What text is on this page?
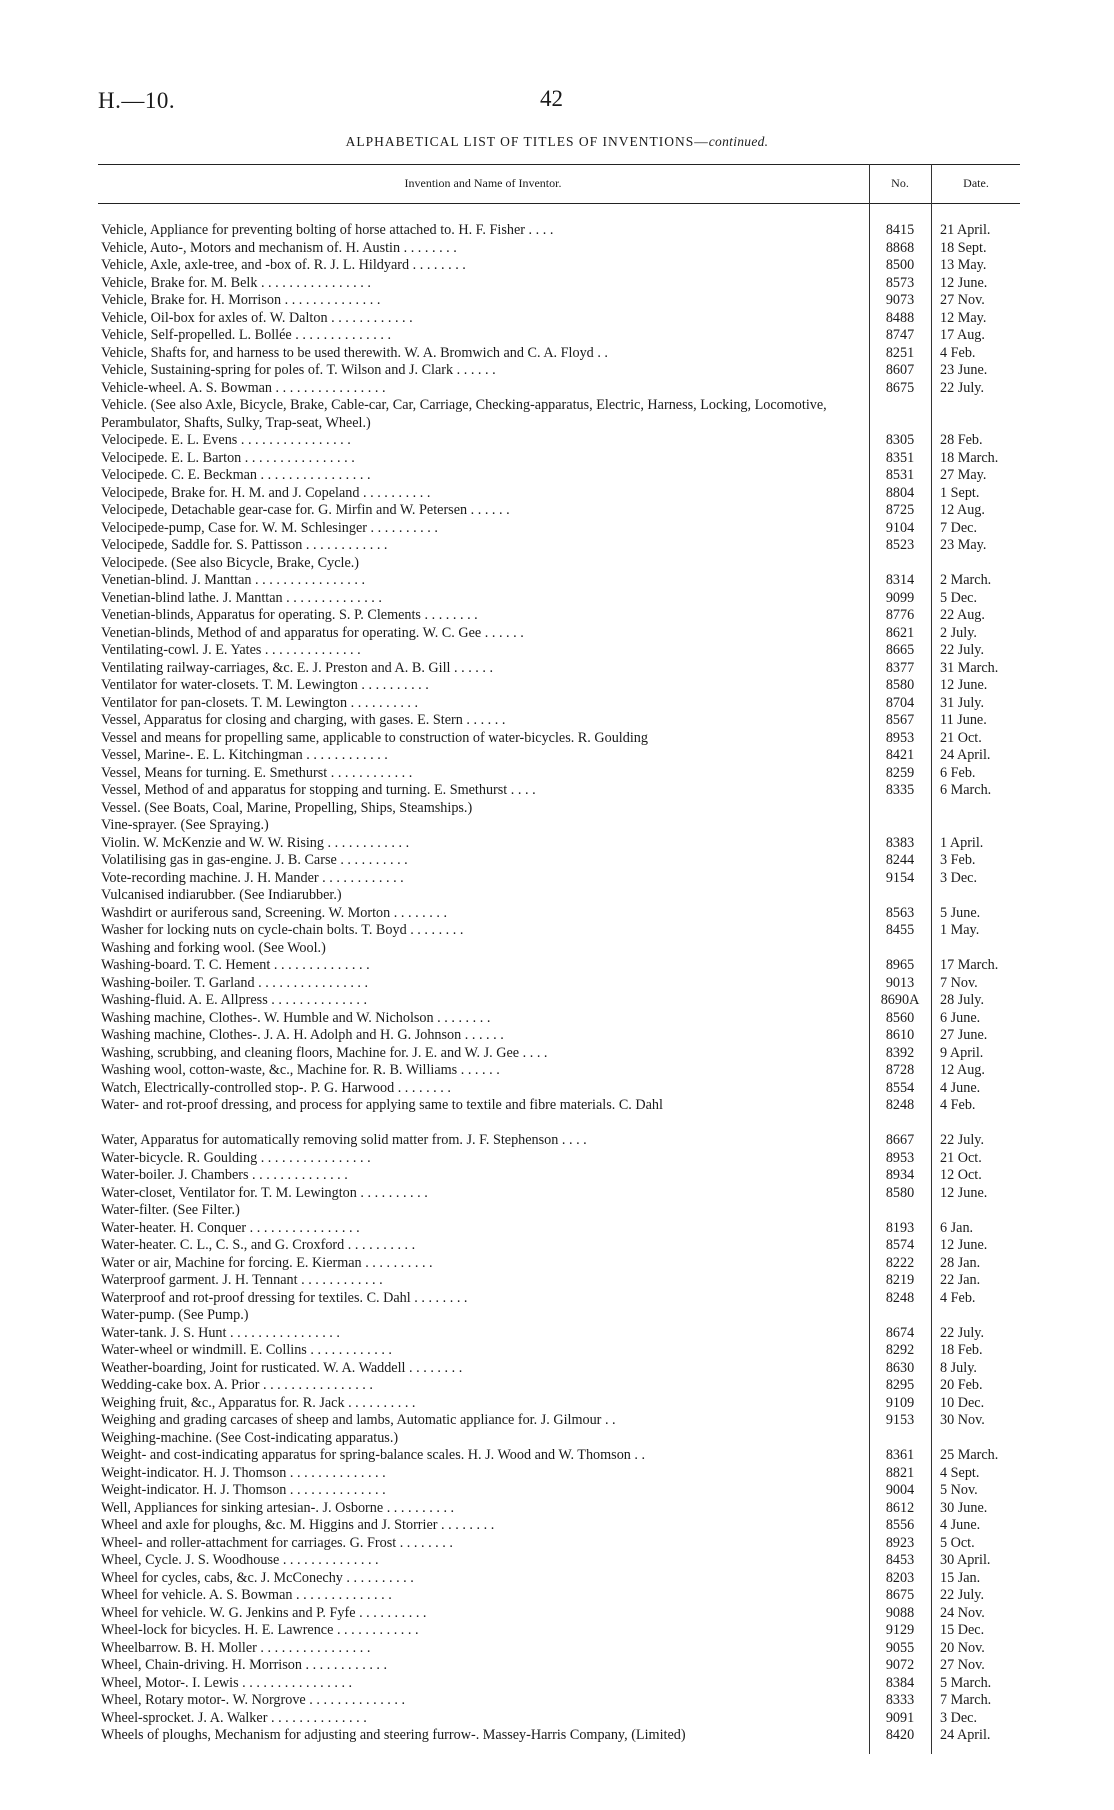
H.—10.	42
ALPHABETICAL LIST OF TITLES OF INVENTIONS—continued.
Invention and Name of Inventor.	No.	Date.
Vehicle, Appliance for preventing bolting of horse attached to. H. F. Fisher . . . .	8415	21 April.
Vehicle, Auto-, Motors and mechanism of. H. Austin . . . . . . . .	8868	18 Sept.
Vehicle, Axle, axle-tree, and -box of. R. J. L. Hildyard . . . . . . . .	8500	13 May.
Vehicle, Brake for. M. Belk . . . . . . . . . . . . . . . .	8573	12 June.
Vehicle, Brake for. H. Morrison . . . . . . . . . . . . . .	9073	27 Nov.
Vehicle, Oil-box for axles of. W. Dalton . . . . . . . . . . . .	8488	12 May.
Vehicle, Self-propelled. L. Bollée . . . . . . . . . . . . . .	8747	17 Aug.
Vehicle, Shafts for, and harness to be used therewith. W. A. Bromwich and C. A. Floyd . .	8251	4 Feb.
Vehicle, Sustaining-spring for poles of. T. Wilson and J. Clark . . . . . .	8607	23 June.
Vehicle-wheel. A. S. Bowman . . . . . . . . . . . . . . . .	8675	22 July.
Vehicle. (See also Axle, Bicycle, Brake, Cable-car, Car, Carriage, Checking-apparatus, Electric, Harness, Locking, Locomotive, Perambulator, Shafts, Sulky, Trap-seat, Wheel.)
Velocipede. E. L. Evens . . . . . . . . . . . . . . . .	8305	28 Feb.
Velocipede. E. L. Barton . . . . . . . . . . . . . . . .	8351	18 March.
Velocipede. C. E. Beckman . . . . . . . . . . . . . . . .	8531	27 May.
Velocipede, Brake for. H. M. and J. Copeland . . . . . . . . . .	8804	1 Sept.
Velocipede, Detachable gear-case for. G. Mirfin and W. Petersen . . . . . .	8725	12 Aug.
Velocipede-pump, Case for. W. M. Schlesinger . . . . . . . . . .	9104	7 Dec.
Velocipede, Saddle for. S. Pattisson . . . . . . . . . . . .	8523	23 May.
Velocipede. (See also Bicycle, Brake, Cycle.)
Venetian-blind. J. Manttan . . . . . . . . . . . . . . . .	8314	2 March.
Venetian-blind lathe. J. Manttan . . . . . . . . . . . . . .	9099	5 Dec.
Venetian-blinds, Apparatus for operating. S. P. Clements . . . . . . . .	8776	22 Aug.
Venetian-blinds, Method of and apparatus for operating. W. C. Gee . . . . . .	8621	2 July.
Ventilating-cowl. J. E. Yates . . . . . . . . . . . . . .	8665	22 July.
Ventilating railway-carriages, &c. E. J. Preston and A. B. Gill . . . . . .	8377	31 March.
Ventilator for water-closets. T. M. Lewington . . . . . . . . . .	8580	12 June.
Ventilator for pan-closets. T. M. Lewington . . . . . . . . . .	8704	31 July.
Vessel, Apparatus for closing and charging, with gases. E. Stern . . . . . .	8567	11 June.
Vessel and means for propelling same, applicable to construction of water-bicycles. R. Goulding	8953	21 Oct.
Vessel, Marine-. E. L. Kitchingman . . . . . . . . . . . .	8421	24 April.
Vessel, Means for turning. E. Smethurst . . . . . . . . . . . .	8259	6 Feb.
Vessel, Method of and apparatus for stopping and turning. E. Smethurst . . . .	8335	6 March.
Vessel. (See Boats, Coal, Marine, Propelling, Ships, Steamships.)
Vine-sprayer. (See Spraying.)
Violin. W. McKenzie and W. W. Rising . . . . . . . . . . . .	8383	1 April.
Volatilising gas in gas-engine. J. B. Carse . . . . . . . . . .	8244	3 Feb.
Vote-recording machine. J. H. Mander . . . . . . . . . . . .	9154	3 Dec.
Vulcanised indiarubber. (See Indiarubber.)
Washdirt or auriferous sand, Screening. W. Morton . . . . . . . .	8563	5 June.
Washer for locking nuts on cycle-chain bolts. T. Boyd . . . . . . . .	8455	1 May.
Washing and forking wool. (See Wool.)
Washing-board. T. C. Hement . . . . . . . . . . . . . .	8965	17 March.
Washing-boiler. T. Garland . . . . . . . . . . . . . . . .	9013	7 Nov.
Washing-fluid. A. E. Allpress . . . . . . . . . . . . . .	8690A	28 July.
Washing machine, Clothes-. W. Humble and W. Nicholson . . . . . . . .	8560	6 June.
Washing machine, Clothes-. J. A. H. Adolph and H. G. Johnson . . . . . .	8610	27 June.
Washing, scrubbing, and cleaning floors, Machine for. J. E. and W. J. Gee . . . .	8392	9 April.
Washing wool, cotton-waste, &c., Machine for. R. B. Williams . . . . . .	8728	12 Aug.
Watch, Electrically-controlled stop-. P. G. Harwood . . . . . . . .	8554	4 June.
Water- and rot-proof dressing, and process for applying same to textile and fibre materials. C. Dahl	8248	4 Feb.
Water, Apparatus for automatically removing solid matter from. J. F. Stephenson . . . .	8667	22 July.
Water-bicycle. R. Goulding . . . . . . . . . . . . . . . .	8953	21 Oct.
Water-boiler. J. Chambers . . . . . . . . . . . . . .	8934	12 Oct.
Water-closet, Ventilator for. T. M. Lewington . . . . . . . . . .	8580	12 June.
Water-filter. (See Filter.)
Water-heater. H. Conquer . . . . . . . . . . . . . . . .	8193	6 Jan.
Water-heater. C. L., C. S., and G. Croxford . . . . . . . . . .	8574	12 June.
Water or air, Machine for forcing. E. Kierman . . . . . . . . . .	8222	28 Jan.
Waterproof garment. J. H. Tennant . . . . . . . . . . . .	8219	22 Jan.
Waterproof and rot-proof dressing for textiles. C. Dahl . . . . . . . .	8248	4 Feb.
Water-pump. (See Pump.)
Water-tank. J. S. Hunt . . . . . . . . . . . . . . . .	8674	22 July.
Water-wheel or windmill. E. Collins . . . . . . . . . . . .	8292	18 Feb.
Weather-boarding, Joint for rusticated. W. A. Waddell . . . . . . . .	8630	8 July.
Wedding-cake box. A. Prior . . . . . . . . . . . . . . . .	8295	20 Feb.
Weighing fruit, &c., Apparatus for. R. Jack . . . . . . . . . .	9109	10 Dec.
Weighing and grading carcases of sheep and lambs, Automatic appliance for. J. Gilmour . .	9153	30 Nov.
Weighing-machine. (See Cost-indicating apparatus.)
Weight- and cost-indicating apparatus for spring-balance scales. H. J. Wood and W. Thomson . .	8361	25 March.
Weight-indicator. H. J. Thomson . . . . . . . . . . . . . .	8821	4 Sept.
Weight-indicator. H. J. Thomson . . . . . . . . . . . . . .	9004	5 Nov.
Well, Appliances for sinking artesian-. J. Osborne . . . . . . . . . .	8612	30 June.
Wheel and axle for ploughs, &c. M. Higgins and J. Storrier . . . . . . . .	8556	4 June.
Wheel- and roller-attachment for carriages. G. Frost . . . . . . . .	8923	5 Oct.
Wheel, Cycle. J. S. Woodhouse . . . . . . . . . . . . . .	8453	30 April.
Wheel for cycles, cabs, &c. J. McConechy . . . . . . . . . .	8203	15 Jan.
Wheel for vehicle. A. S. Bowman . . . . . . . . . . . . . .	8675	22 July.
Wheel for vehicle. W. G. Jenkins and P. Fyfe . . . . . . . . . .	9088	24 Nov.
Wheel-lock for bicycles. H. E. Lawrence . . . . . . . . . . . .	9129	15 Dec.
Wheelbarrow. B. H. Moller . . . . . . . . . . . . . . . .	9055	20 Nov.
Wheel, Chain-driving. H. Morrison . . . . . . . . . . . .	9072	27 Nov.
Wheel, Motor-. I. Lewis . . . . . . . . . . . . . . . .	8384	5 March.
Wheel, Rotary motor-. W. Norgrove . . . . . . . . . . . . . .	8333	7 March.
Wheel-sprocket. J. A. Walker . . . . . . . . . . . . . .	9091	3 Dec.
Wheels of ploughs, Mechanism for adjusting and steering furrow-. Massey-Harris Company, (Limited)	8420	24 April.
